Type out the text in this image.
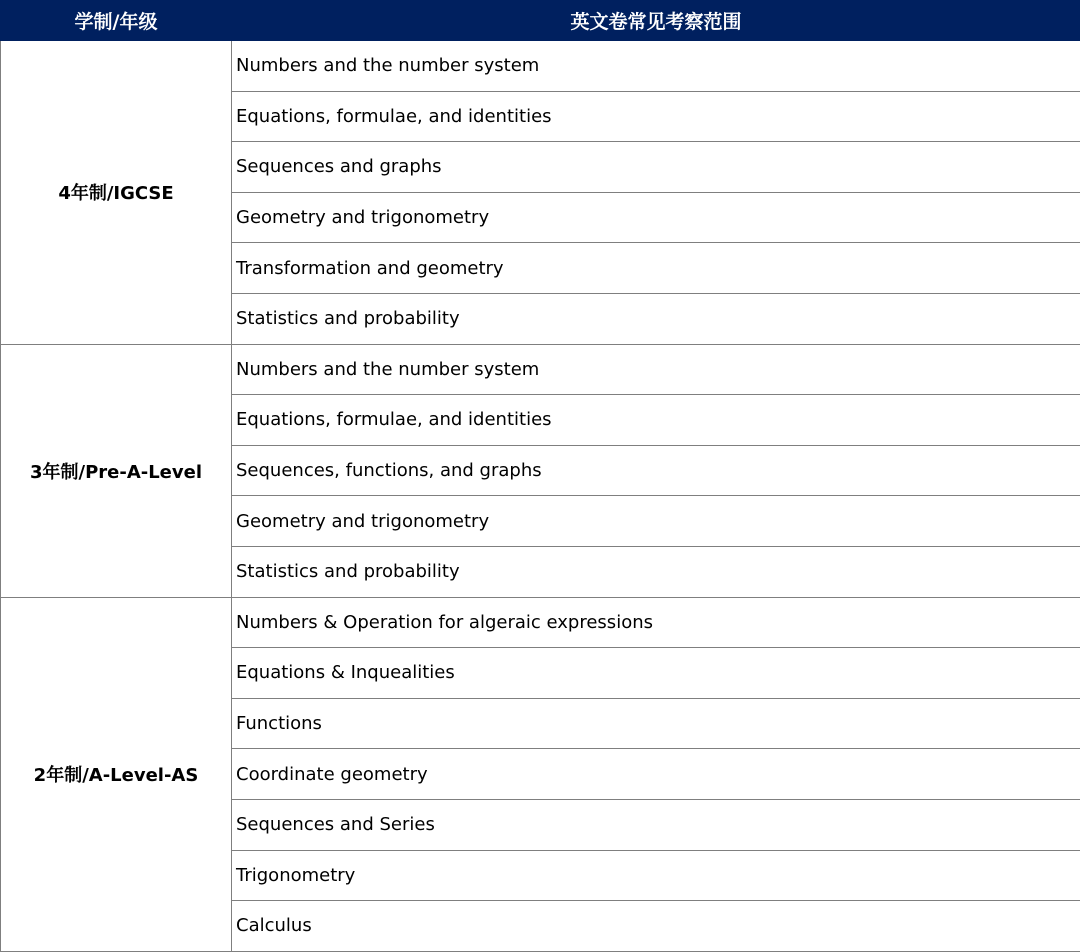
学制/年级	英文卷常见考察范围
4年制/IGCSE	Numbers and the number system
	Equations, formulae, and identities
	Sequences and graphs
	Geometry and trigonometry
	Transformation and geometry
	Statistics and probability
3年制/Pre-A-Level	Numbers and the number system
	Equations, formulae, and identities
	Sequences, functions, and graphs
	Geometry and trigonometry
	Statistics and probability
2年制/A-Level-AS	Numbers & Operation for algeraic expressions
	Equations & Inquealities
	Functions
	Coordinate geometry
	Sequences and Series
	Trigonometry
	Calculus
